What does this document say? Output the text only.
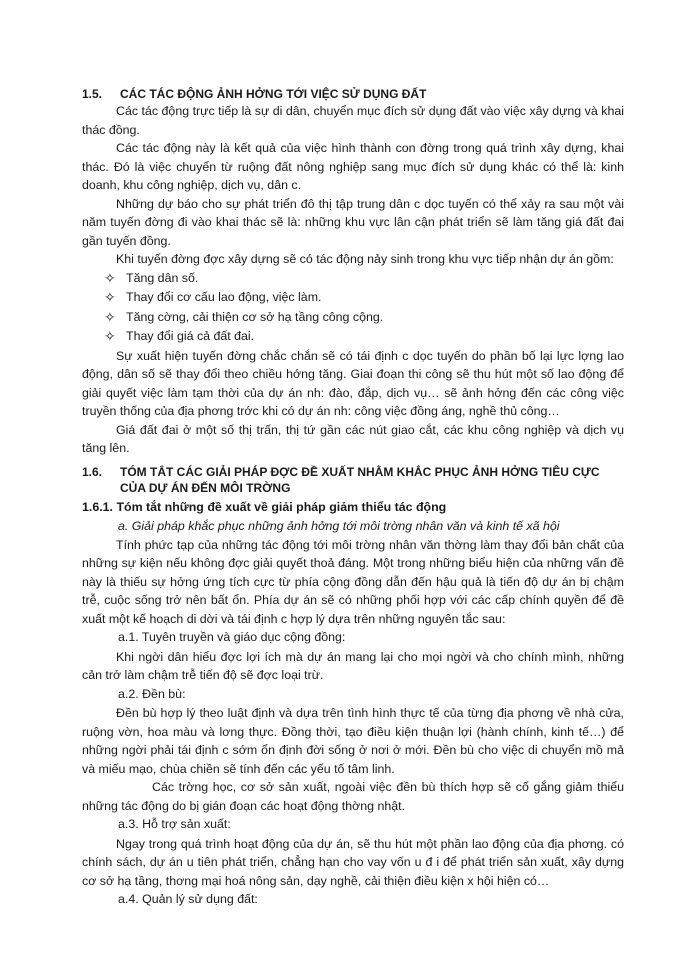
1.5.	CÁC TÁC ĐỘNG ẢNH HỞNG TỚI VIỆC SỬ DỤNG ĐẤT

Các tác động trực tiếp là sự di dân, chuyển mục đích sử dụng đất vào việc xây dựng và khai thác đồng.

Các tác động này là kết quả của việc hình thành con đờng trong quá trình xây dựng, khai thác. Đó là việc chuyển từ ruộng đất nông nghiệp sang mục đích sử dụng khác có thể là: kinh doanh, khu công nghiệp, dịch vụ, dân c.

Những dự báo cho sự phát triển đô thị tập trung dân c dọc tuyến có thể xảy ra sau một vài năm tuyến đờng đi vào khai thác sẽ là: những khu vực lân cận phát triển sẽ làm tăng giá đất đai gần tuyến đồng.

Khi tuyến đờng đợc xây dựng sẽ có tác động nảy sinh trong khu vực tiếp nhận dự án gồm:

✧ Tăng dân số.
✧ Thay đổi cơ cấu lao động, việc làm.
✧ Tăng cờng, cải thiện cơ sở hạ tầng công cộng.
✧ Thay đổi giá cả đất đai.

Sự xuất hiện tuyến đờng chắc chắn sẽ có tái định c dọc tuyến do phần bố lại lực lợng lao động, dân số sẽ thay đổi theo chiều hớng tăng. Giai đoạn thi công sẽ thu hút một số lao động để giải quyết việc làm tạm thời của dự án nh: đào, đắp, dịch vụ… sẽ ảnh hởng đến các công việc truyền thống của địa phơng trớc khi có dự án nh: công việc đồng áng, nghề thủ công…

Giá đất đai ở một số thị trấn, thị tứ gần các nút giao cắt, các khu công nghiệp và dịch vụ tăng lên.

1.6.	TÓM TẮT CÁC GIẢI PHÁP ĐỢC ĐỀ XUẤT NHẰM KHẮC PHỤC ẢNH HỞNG TIÊU CỰC CỦA DỰ ÁN ĐẾN MÔI TRỜNG

1.6.1. Tóm tắt những đề xuất về giải pháp giảm thiểu tác động

a. Giải pháp khắc phục những ảnh hởng tới môi trờng nhân văn và kinh tế xã hội

Tính phức tạp của những tác động tới môi trờng nhân văn thờng làm thay đổi bản chất của những sự kiện nếu không đợc giải quyết thoả đáng. Một trong những biểu hiện của những vấn đề này là thiếu sự hởng ứng tích cực từ phía cộng đồng dẫn đến hậu quả là tiến độ dự án bị chậm trễ, cuộc sống trở nên bất ổn. Phía dự án sẽ có những phối hợp với các cấp chính quyền để đề xuất một kế hoạch di dời và tái định c hợp lý dựa trên những nguyên tắc sau:

a.1. Tuyên truyền và giáo dục cộng đồng:

Khi ngời dân hiểu đợc lợi ích mà dự án mang lại cho mọi ngời và cho chính mình, những cản trở làm chậm trễ tiến độ sẽ đợc loại trừ.

a.2. Đền bù:

Đền bù hợp lý theo luật định và dựa trên tình hình thực tế của từng địa phơng về nhà cửa, ruộng vờn, hoa màu và lơng thực. Đồng thời, tạo điều kiện thuận lợi (hành chính, kinh tế…) để những ngời phải tái định c sớm ổn định đời sống ở nơi ở mới. Đền bù cho việc di chuyển mồ mả và miếu mạo, chùa chiền sẽ tính đến các yếu tố tâm linh.

Các trờng học, cơ sở sản xuất, ngoài việc đền bù thích hợp sẽ cố gắng giảm thiểu những tác động do bị gián đoạn các hoạt động thờng nhật.

a.3. Hỗ trợ sản xuất:

Ngay trong quá trình hoạt động của dự án, sẽ thu hút một phần lao động của địa phơng. có chính sách, dự án u tiên phát triển, chẳng hạn cho vay vốn u đ i để phát triển sản xuất, xây dựng cơ sở hạ tầng, thơng mại hoá nông sản, dạy nghề, cải thiện điều kiện x hội hiện có…

a.4. Quản lý sử dụng đất:
